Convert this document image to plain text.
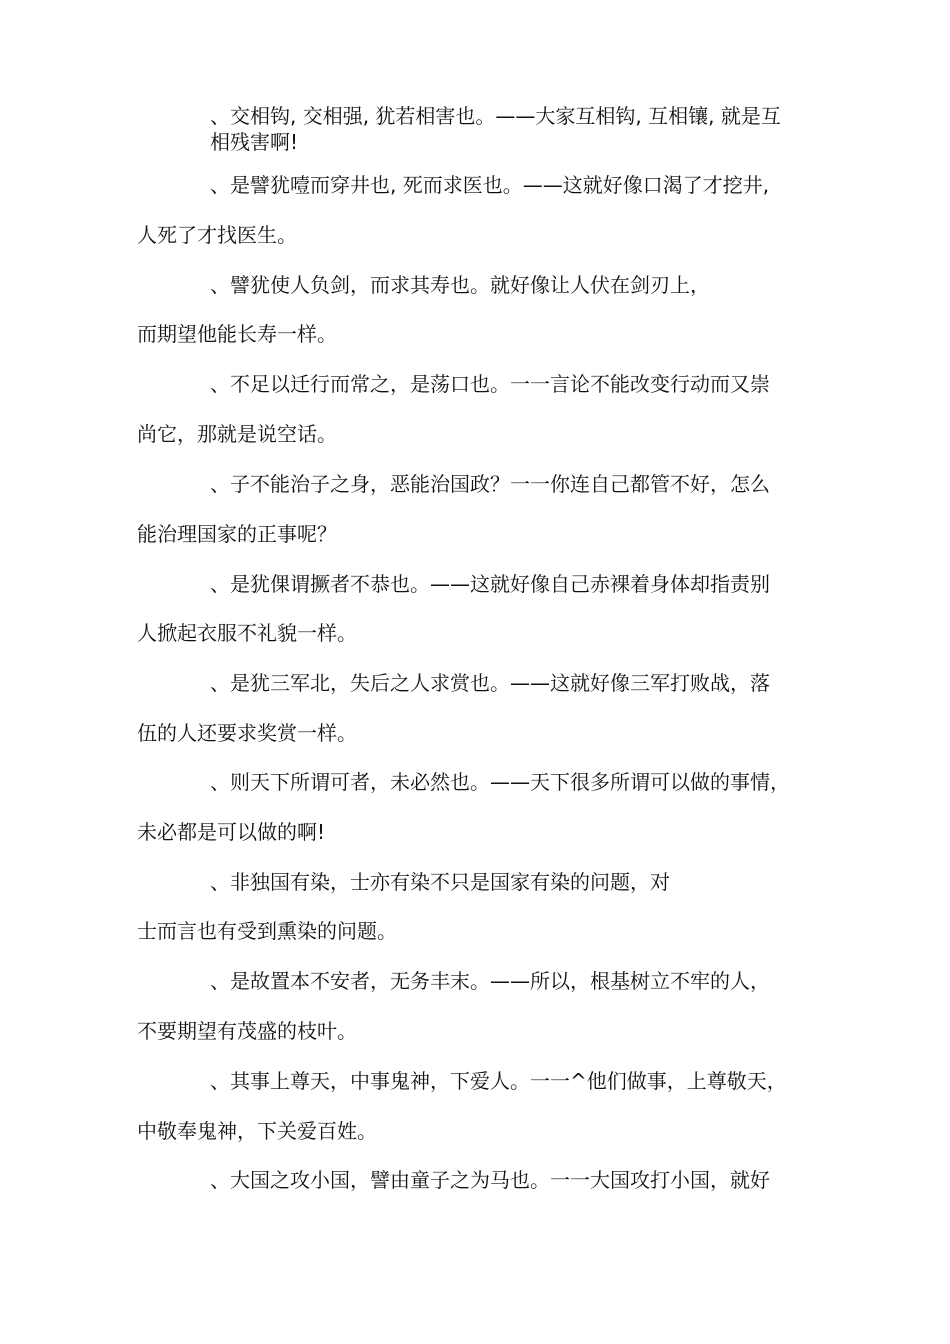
、交相钩, 交相强, 犹若相害也。——大家互相钩, 互相镶, 就是互
相残害啊!
、是譬犹噎而穿井也, 死而求医也。——这就好像口渴了才挖井,
人死了才找医生。
、譬犹使人负剑，而求其寿也。就好像让人伏在剑刃上，
而期望他能长寿一样。
、不足以迁行而常之，是荡口也。一一言论不能改变行动而又崇
尚它，那就是说空话。
、子不能治子之身，恶能治国政？一一你连自己都管不好，怎么
能治理国家的正事呢？
、是犹倮谓撅者不恭也。——这就好像自己赤裸着身体却指责别
人掀起衣服不礼貌一样。
、是犹三军北，失后之人求赏也。——这就好像三军打败战，落
伍的人还要求奖赏一样。
、则天下所谓可者，未必然也。——天下很多所谓可以做的事情，
未必都是可以做的啊!
、非独国有染，士亦有染不只是国家有染的问题，对
士而言也有受到熏染的问题。
、是故置本不安者，无务丰末。——所以，根基树立不牢的人，
不要期望有茂盛的枝叶。
、其事上尊天，中事鬼神，下爱人。一一^他们做事，上尊敬天，
中敬奉鬼神，下关爱百姓。
、大国之攻小国，譬由童子之为马也。一一大国攻打小国，就好
